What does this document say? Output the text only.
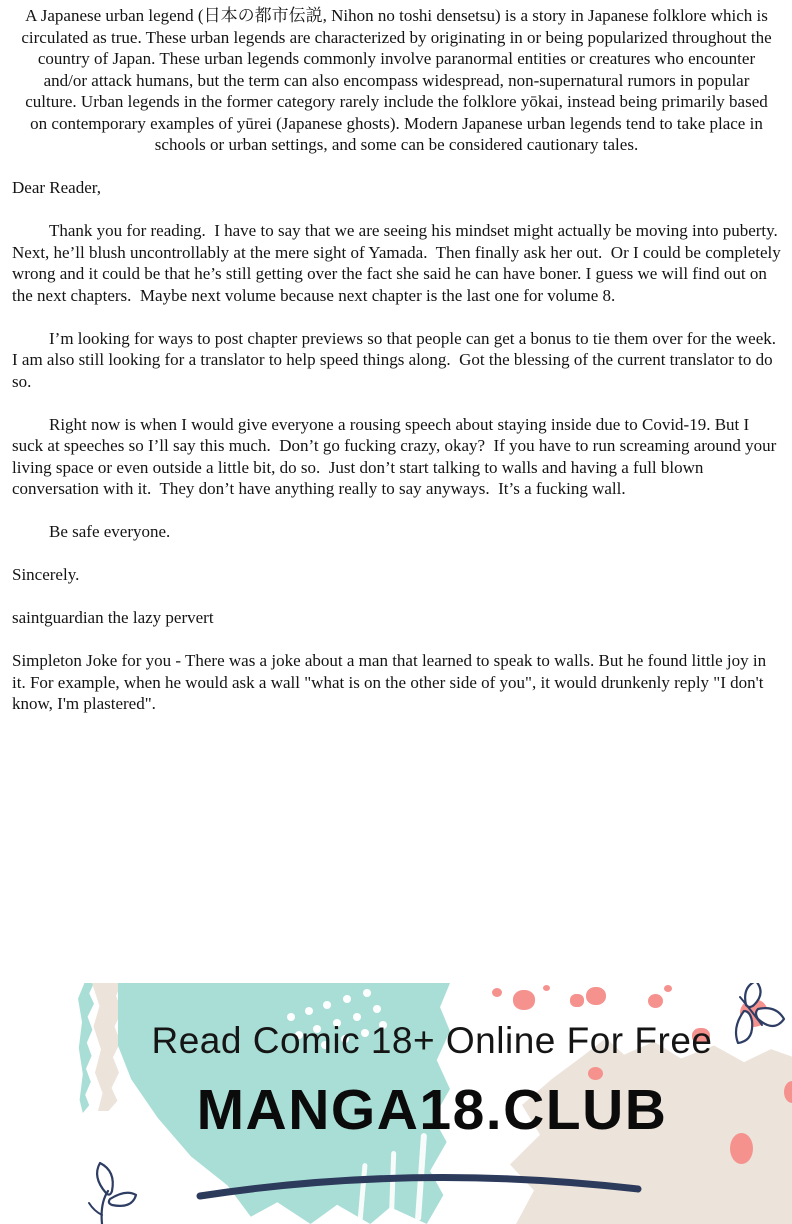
A Japanese urban legend (日本の都市伝説, Nihon no toshi densetsu) is a story in Japanese folklore which is circulated as true. These urban legends are characterized by originating in or being popularized throughout the country of Japan. These urban legends commonly involve paranormal entities or creatures who encounter and/or attack humans, but the term can also encompass widespread, non-supernatural rumors in popular culture. Urban legends in the former category rarely include the folklore yōkai, instead being primarily based on contemporary examples of yūrei (Japanese ghosts). Modern Japanese urban legends tend to take place in schools or urban settings, and some can be considered cautionary tales.

Dear Reader,

Thank you for reading.  I have to say that we are seeing his mindset might actually be moving into puberty. Next, he’ll blush uncontrollably at the mere sight of Yamada.  Then finally ask her out.  Or I could be completely wrong and it could be that he’s still getting over the fact she said he can have boner. I guess we will find out on the next chapters.  Maybe next volume because next chapter is the last one for volume 8.

I’m looking for ways to post chapter previews so that people can get a bonus to tie them over for the week.  I am also still looking for a translator to help speed things along.  Got the blessing of the current translator to do so.

Right now is when I would give everyone a rousing speech about staying inside due to Covid-19. But I suck at speeches so I’ll say this much.  Don’t go fucking crazy, okay?  If you have to run screaming around your living space or even outside a little bit, do so.  Just don’t start talking to walls and having a full blown conversation with it.  They don’t have anything really to say anyways.  It’s a fucking wall.

Be safe everyone.

Sincerely.

saintguardian the lazy pervert

Simpleton Joke for you - There was a joke about a man that learned to speak to walls. But he found little joy in it. For example, when he would ask a wall "what is on the other side of you", it would drunkenly reply "I don't know, I'm plastered".

Read Comic 18+ Online For Free
MANGA18.CLUB
